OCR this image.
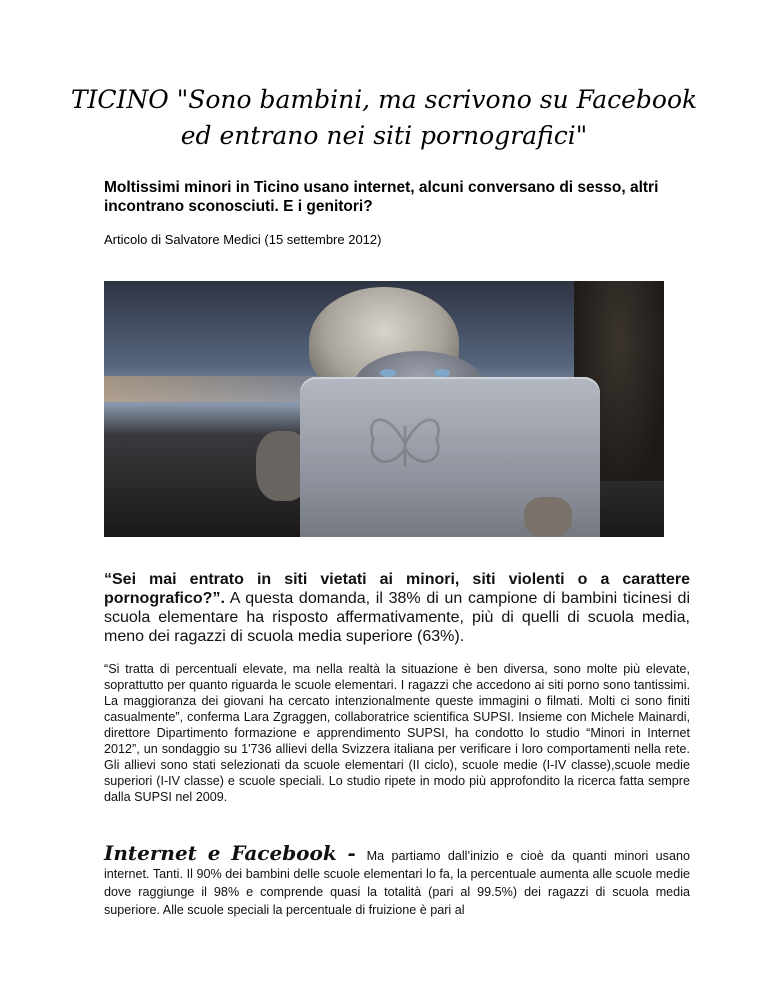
TICINO "Sono bambini, ma scrivono su Facebook ed entrano nei siti pornografici"

Moltissimi minori in Ticino usano internet, alcuni conversano di sesso, altri incontrano sconosciuti. E i genitori?

Articolo di Salvatore Medici (15 settembre 2012)

“Sei mai entrato in siti vietati ai minori, siti violenti o a carattere pornografico?”. A questa domanda, il 38% di un campione di bambini ticinesi di scuola elementare ha risposto affermativamente, più di quelli di scuola media, meno dei ragazzi di scuola media superiore (63%).

“Si tratta di percentuali elevate, ma nella realtà la situazione è ben diversa, sono molte più elevate, soprattutto per quanto riguarda le scuole elementari. I ragazzi che accedono ai siti porno sono tantissimi. La maggioranza dei giovani ha cercato intenzionalmente queste immagini o filmati. Molti ci sono finiti casualmente”, conferma Lara Zgraggen, collaboratrice scientifica SUPSI. Insieme con Michele Mainardi, direttore Dipartimento formazione e apprendimento SUPSI, ha condotto lo studio “Minori in Internet 2012”, un sondaggio su 1'736 allievi della Svizzera italiana per verificare i loro comportamenti nella rete. Gli allievi sono stati selezionati da scuole elementari (II ciclo), scuole medie (I-IV classe),scuole medie superiori (I-IV classe) e scuole speciali. Lo studio ripete in modo più approfondito la ricerca fatta sempre dalla SUPSI nel 2009.

Internet e Facebook - Ma partiamo dall’inizio e cioè da quanti minori usano internet. Tanti. Il 90% dei bambini delle scuole elementari lo fa, la percentuale aumenta alle scuole medie dove raggiunge il 98% e comprende quasi la totalità (pari al 99.5%) dei ragazzi di scuola media superiore. Alle scuole speciali la percentuale di fruizione è pari al
